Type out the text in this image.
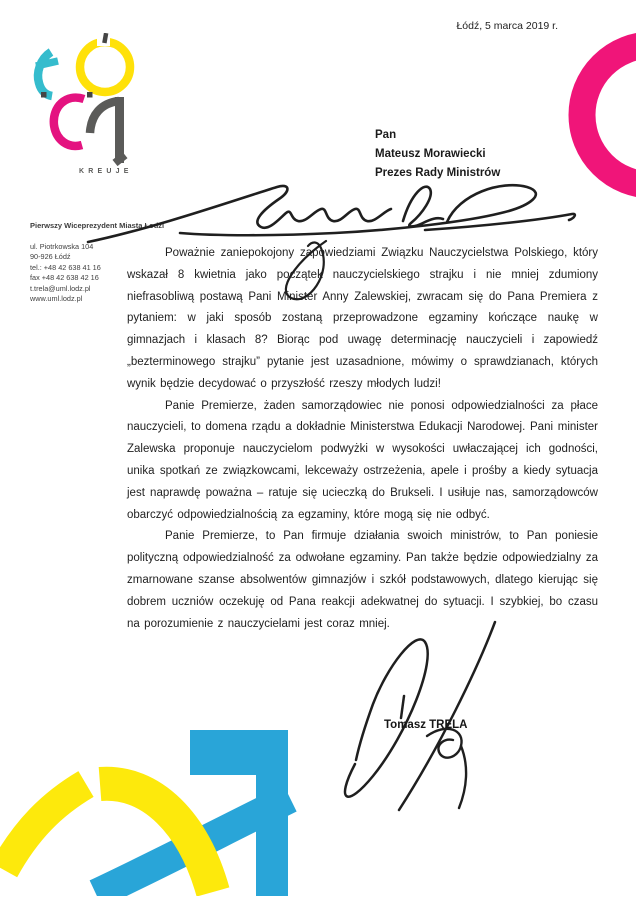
Łódź, 5 marca 2019 r.
KREUJE
Pierwszy Wiceprezydent Miasta Łodzi
ul. Piotrkowska 104
90-926 Łódź
tel.: +48 42 638 41 16
fax +48 42 638 42 16
t.trela@uml.lodz.pl
www.uml.lodz.pl
Pan
Mateusz Morawiecki
Prezes Rady Ministrów

Poważnie zaniepokojony zapowiedziami Związku Nauczycielstwa Polskiego, który wskazał 8 kwietnia jako początek nauczycielskiego strajku i nie mniej zdumiony niefrasobliwą postawą Pani Minister Anny Zalewskiej, zwracam się do Pana Premiera z pytaniem: w jaki sposób zostaną przeprowadzone egzaminy kończące naukę w gimnazjach i klasach 8? Biorąc pod uwagę determinację nauczycieli i zapowiedź „bezterminowego strajku” pytanie jest uzasadnione, mówimy o sprawdzianach, których wynik będzie decydować o przyszłość rzeszy młodych ludzi!

Panie Premierze, żaden samorządowiec nie ponosi odpowiedzialności za płace nauczycieli, to domena rządu a dokładnie Ministerstwa Edukacji Narodowej. Pani minister Zalewska proponuje nauczycielom podwyżki w wysokości uwłaczającej ich godności, unika spotkań ze związkowcami, lekceważy ostrzeżenia, apele i prośby a kiedy sytuacja jest naprawdę poważna – ratuje się ucieczką do Brukseli. I usiłuje nas, samorządowców obarczyć odpowiedzialnością za egzaminy, które mogą się nie odbyć.

Panie Premierze, to Pan firmuje działania swoich ministrów, to Pan poniesie polityczną odpowiedzialność za odwołane egzaminy. Pan także będzie odpowiedzialny za zmarnowane szanse absolwentów gimnazjów i szkół podstawowych, dlatego kierując się dobrem uczniów oczekuję od Pana reakcji adekwatnej do sytuacji. I szybkiej, bo czasu na porozumienie z nauczycielami jest coraz mniej.

Tomasz TRELA
